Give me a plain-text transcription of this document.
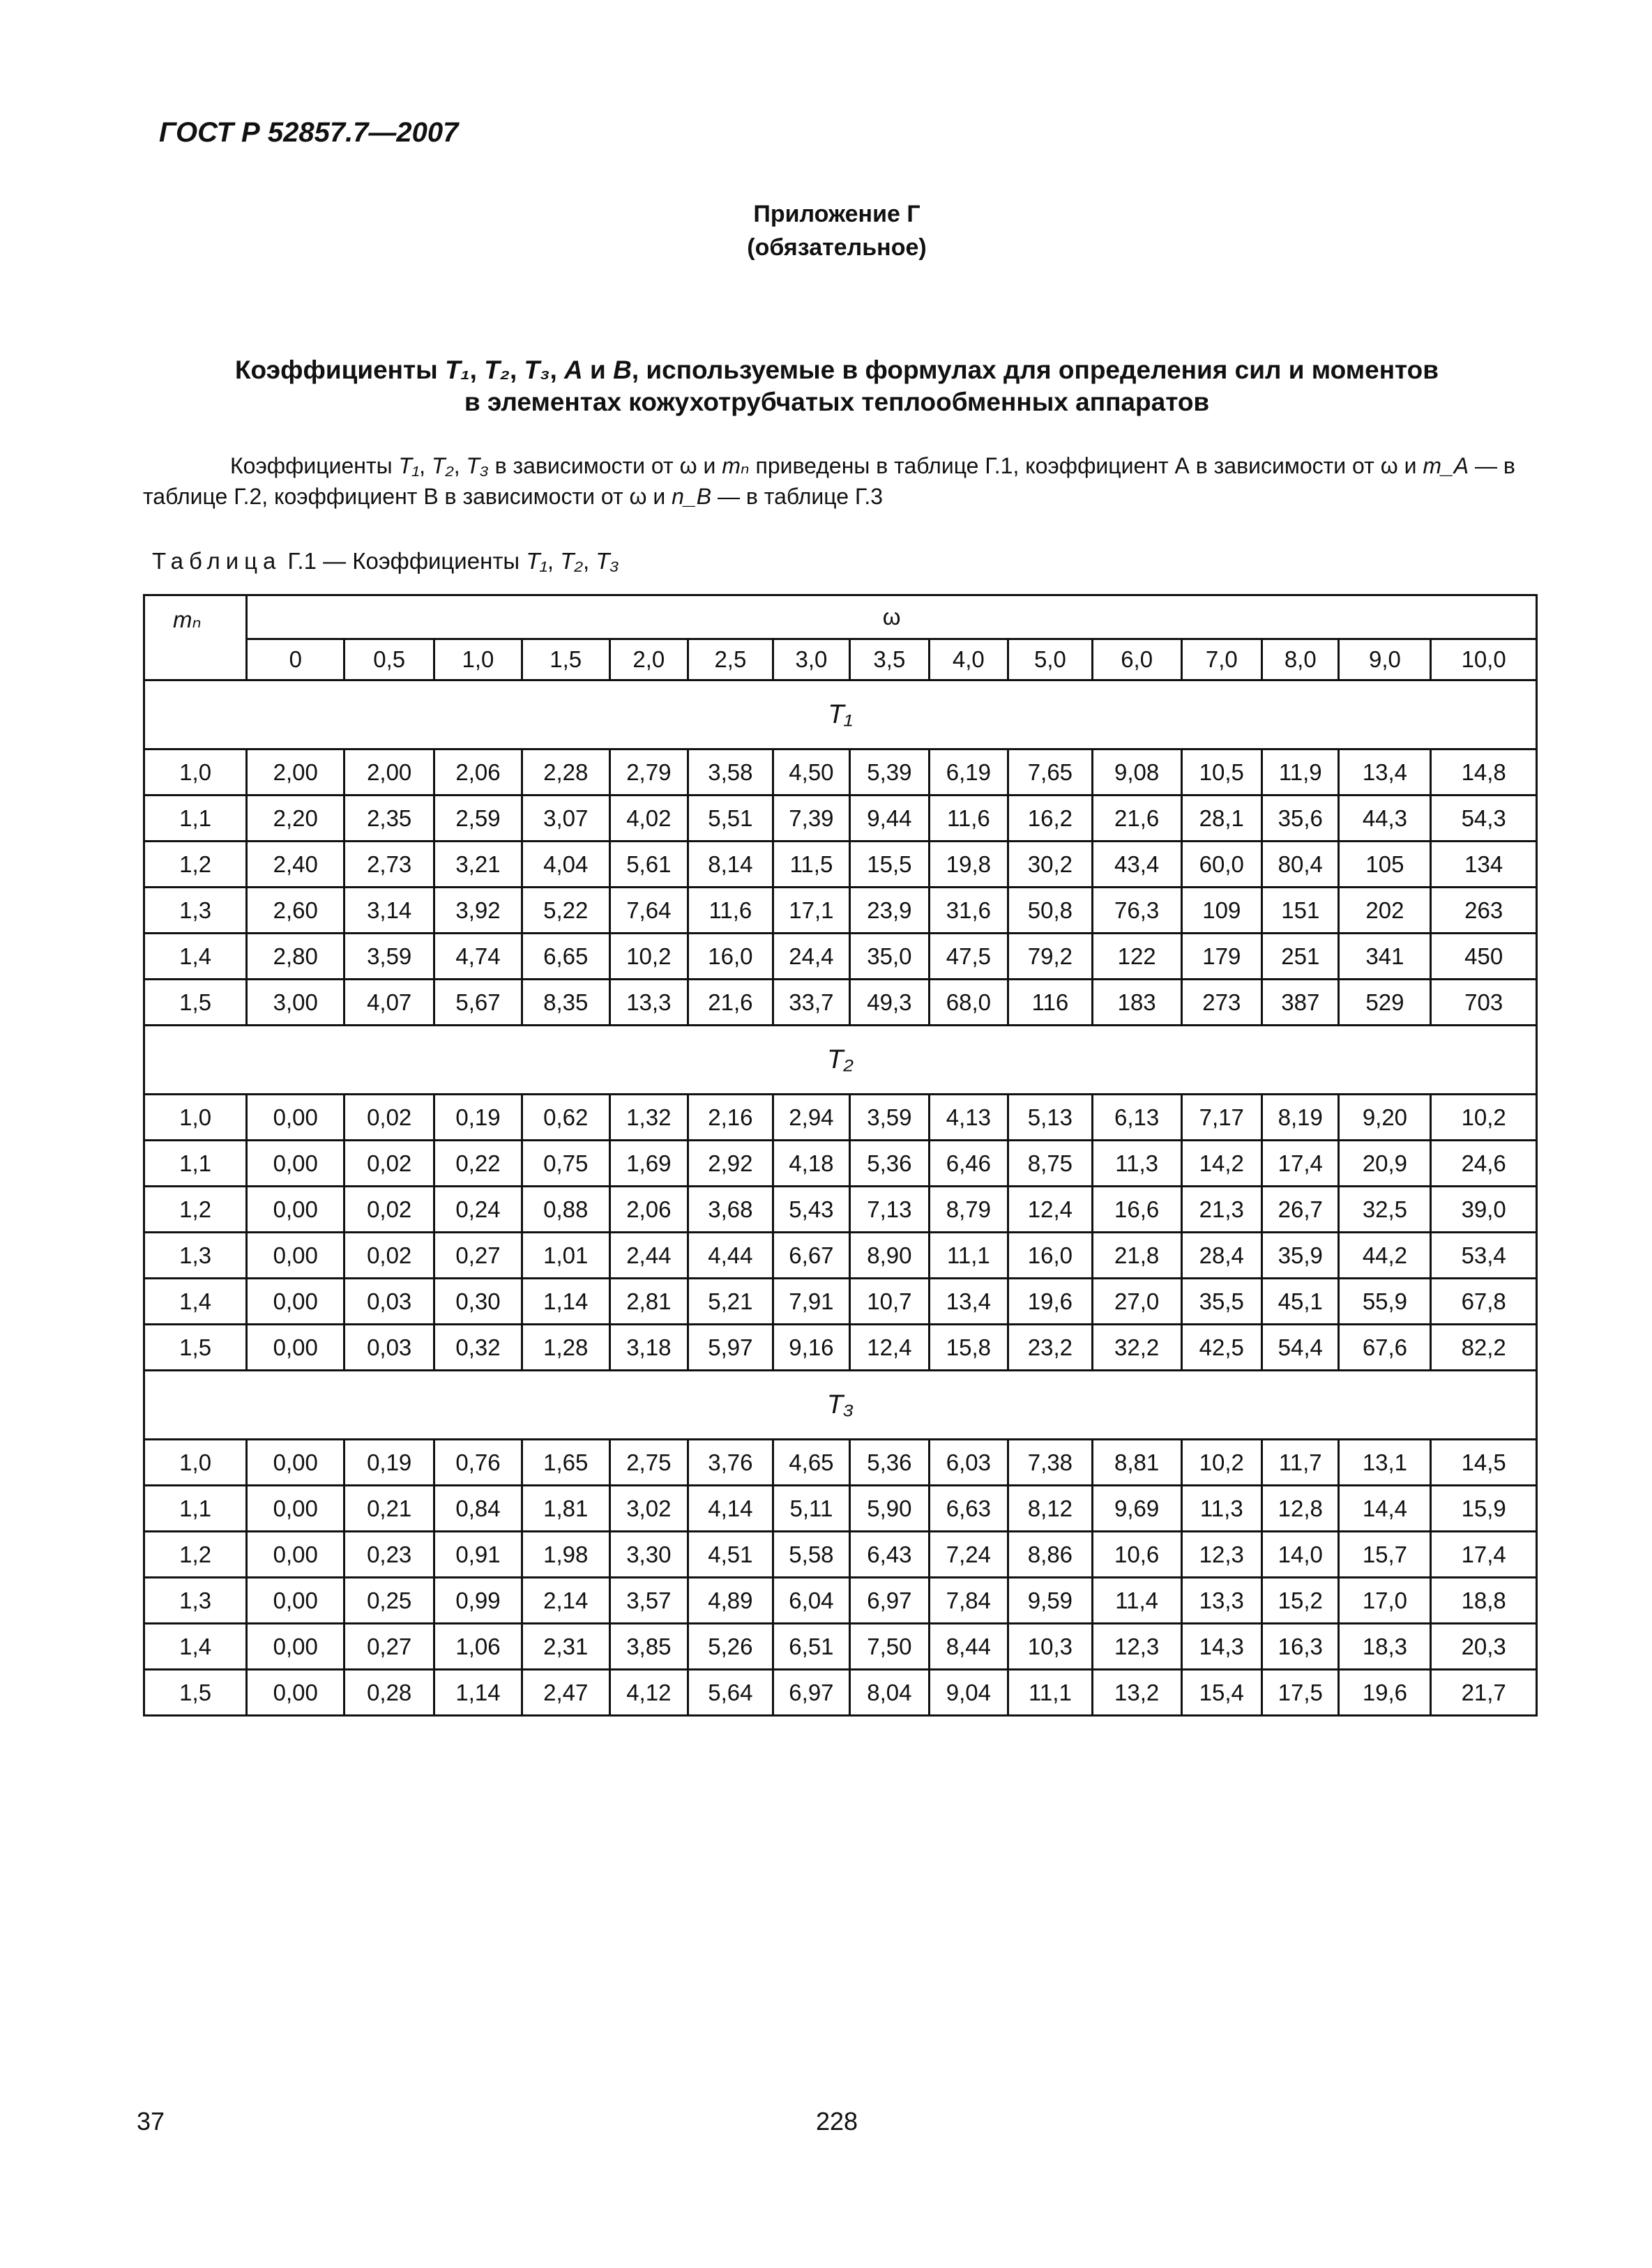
ГОСТ Р 52857.7—2007
Приложение Г
(обязательное)
Коэффициенты T₁, T₂, T₃, A и B, используемые в формулах для определения сил и моментов
в элементах кожухотрубчатых теплообменных аппаратов
Коэффициенты T₁, T₂, T₃ в зависимости от ω и mₙ приведены в таблице Г.1, коэффициент А в зависимости от ω и m_A — в таблице Г.2, коэффициент В в зависимости от ω и n_B — в таблице Г.3
Таблица Г.1 — Коэффициенты T₁, T₂, T₃
mₙ	ω														
	0	0,5	1,0	1,5	2,0	2,5	3,0	3,5	4,0	5,0	6,0	7,0	8,0	9,0	10,0
T₁															
1,0	2,00	2,00	2,06	2,28	2,79	3,58	4,50	5,39	6,19	7,65	9,08	10,5	11,9	13,4	14,8
1,1	2,20	2,35	2,59	3,07	4,02	5,51	7,39	9,44	11,6	16,2	21,6	28,1	35,6	44,3	54,3
1,2	2,40	2,73	3,21	4,04	5,61	8,14	11,5	15,5	19,8	30,2	43,4	60,0	80,4	105	134
1,3	2,60	3,14	3,92	5,22	7,64	11,6	17,1	23,9	31,6	50,8	76,3	109	151	202	263
1,4	2,80	3,59	4,74	6,65	10,2	16,0	24,4	35,0	47,5	79,2	122	179	251	341	450
1,5	3,00	4,07	5,67	8,35	13,3	21,6	33,7	49,3	68,0	116	183	273	387	529	703
T₂															
1,0	0,00	0,02	0,19	0,62	1,32	2,16	2,94	3,59	4,13	5,13	6,13	7,17	8,19	9,20	10,2
1,1	0,00	0,02	0,22	0,75	1,69	2,92	4,18	5,36	6,46	8,75	11,3	14,2	17,4	20,9	24,6
1,2	0,00	0,02	0,24	0,88	2,06	3,68	5,43	7,13	8,79	12,4	16,6	21,3	26,7	32,5	39,0
1,3	0,00	0,02	0,27	1,01	2,44	4,44	6,67	8,90	11,1	16,0	21,8	28,4	35,9	44,2	53,4
1,4	0,00	0,03	0,30	1,14	2,81	5,21	7,91	10,7	13,4	19,6	27,0	35,5	45,1	55,9	67,8
1,5	0,00	0,03	0,32	1,28	3,18	5,97	9,16	12,4	15,8	23,2	32,2	42,5	54,4	67,6	82,2
T₃															
1,0	0,00	0,19	0,76	1,65	2,75	3,76	4,65	5,36	6,03	7,38	8,81	10,2	11,7	13,1	14,5
1,1	0,00	0,21	0,84	1,81	3,02	4,14	5,11	5,90	6,63	8,12	9,69	11,3	12,8	14,4	15,9
1,2	0,00	0,23	0,91	1,98	3,30	4,51	5,58	6,43	7,24	8,86	10,6	12,3	14,0	15,7	17,4
1,3	0,00	0,25	0,99	2,14	3,57	4,89	6,04	6,97	7,84	9,59	11,4	13,3	15,2	17,0	18,8
1,4	0,00	0,27	1,06	2,31	3,85	5,26	6,51	7,50	8,44	10,3	12,3	14,3	16,3	18,3	20,3
1,5	0,00	0,28	1,14	2,47	4,12	5,64	6,97	8,04	9,04	11,1	13,2	15,4	17,5	19,6	21,7
37	228
